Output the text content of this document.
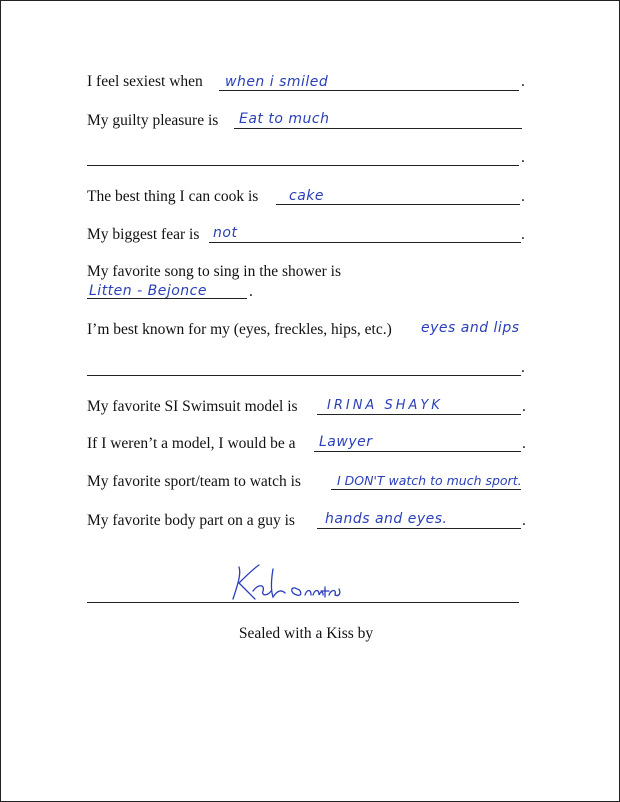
I feel sexiest when when i smiled	.
My guilty pleasure is Eat to much
.
The best thing I can cook is cake	.
My biggest fear is not	.
My favorite song to sing in the shower is
Litten - Bejonce	.
I’m best known for my (eyes, freckles, hips, etc.) eyes and lips
.
My favorite SI Swimsuit model is IRINA SHAYK	.
If I weren’t a model, I would be a Lawyer	.
My favorite sport/team to watch is	I DON'T watch to much sport.
My favorite body part on a guy is hands and eyes.	.
Sealed with a Kiss by
